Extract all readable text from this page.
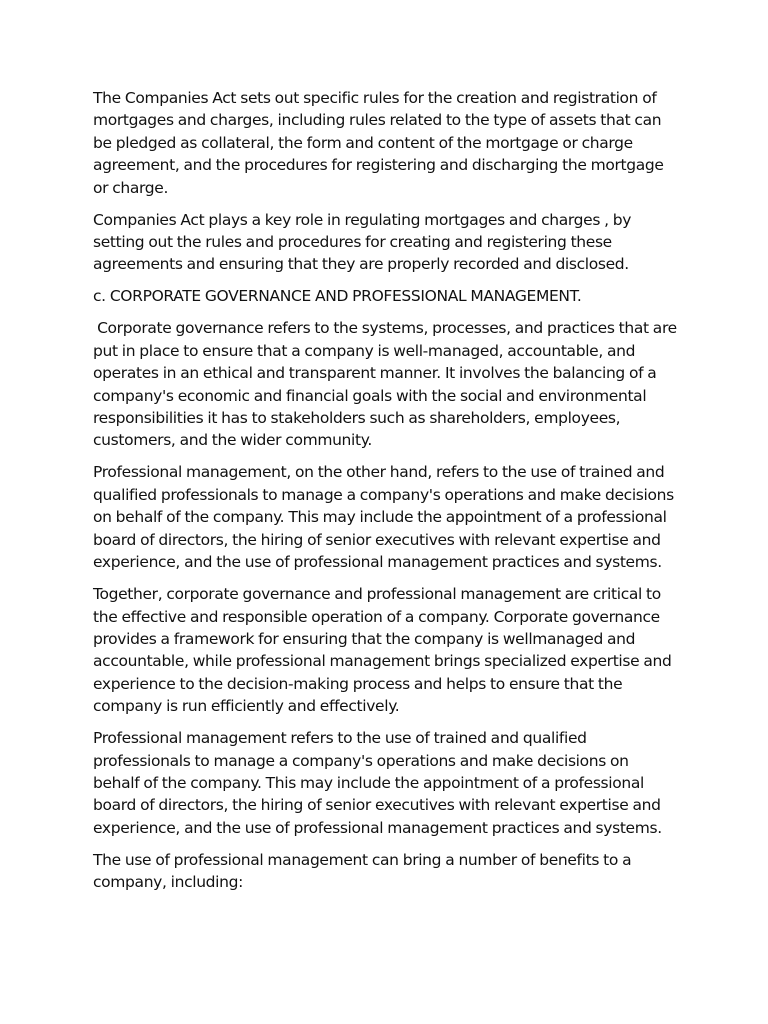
The Companies Act sets out specific rules for the creation and registration of mortgages and charges, including rules related to the type of assets that can be pledged as collateral, the form and content of the mortgage or charge agreement, and the procedures for registering and discharging the mortgage or charge.

Companies Act plays a key role in regulating mortgages and charges , by setting out the rules and procedures for creating and registering these agreements and ensuring that they are properly recorded and disclosed.

c. CORPORATE GOVERNANCE AND PROFESSIONAL MANAGEMENT.

Corporate governance refers to the systems, processes, and practices that are put in place to ensure that a company is well-managed, accountable, and operates in an ethical and transparent manner. It involves the balancing of a company's economic and financial goals with the social and environmental responsibilities it has to stakeholders such as shareholders, employees, customers, and the wider community.

Professional management, on the other hand, refers to the use of trained and qualified professionals to manage a company's operations and make decisions on behalf of the company. This may include the appointment of a professional board of directors, the hiring of senior executives with relevant expertise and experience, and the use of professional management practices and systems.

Together, corporate governance and professional management are critical to the effective and responsible operation of a company. Corporate governance provides a framework for ensuring that the company is wellmanaged and accountable, while professional management brings specialized expertise and experience to the decision-making process and helps to ensure that the company is run efficiently and effectively.

Professional management refers to the use of trained and qualified professionals to manage a company's operations and make decisions on behalf of the company. This may include the appointment of a professional board of directors, the hiring of senior executives with relevant expertise and experience, and the use of professional management practices and systems.

The use of professional management can bring a number of benefits to a company, including:
